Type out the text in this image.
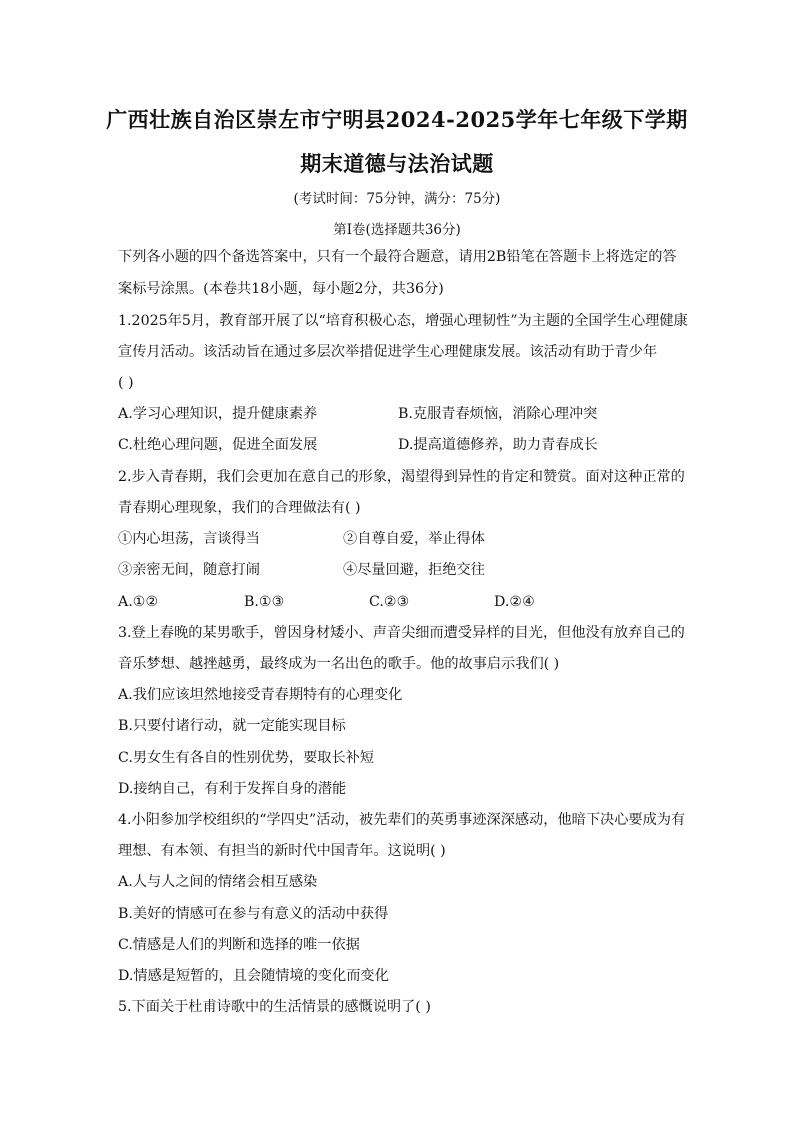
广西壮族自治区崇左市宁明县2024-2025学年七年级下学期
期末道德与法治试题
(考试时间：75分钟，满分：75分)
第Ⅰ卷(选择题共36分)
下列各小题的四个备选答案中，只有一个最符合题意，请用2B铅笔在答题卡上将选定的答
案标号涂黑。(本卷共18小题，每小题2分，共36分)
1.2025年5月，教育部开展了以“培育积极心态，增强心理韧性”为主题的全国学生心理健康
宣传月活动。该活动旨在通过多层次举措促进学生心理健康发展。该活动有助于青少年
( )
A.学习心理知识，提升健康素养	B.克服青春烦恼，消除心理冲突
C.杜绝心理问题，促进全面发展	D.提高道德修养，助力青春成长
2.步入青春期，我们会更加在意自己的形象，渴望得到异性的肯定和赞赏。面对这种正常的
青春期心理现象，我们的合理做法有( )
①内心坦荡，言谈得当	②自尊自爱，举止得体
③亲密无间，随意打闹	④尽量回避，拒绝交往
A.①②	B.①③	C.②③	D.②④
3.登上春晚的某男歌手，曾因身材矮小、声音尖细而遭受异样的目光，但他没有放弃自己的
音乐梦想、越挫越勇，最终成为一名出色的歌手。他的故事启示我们( )
A.我们应该坦然地接受青春期特有的心理变化
B.只要付诸行动，就一定能实现目标
C.男女生有各自的性别优势，要取长补短
D.接纳自己，有利于发挥自身的潜能
4.小阳参加学校组织的“学四史”活动，被先辈们的英勇事迹深深感动，他暗下决心要成为有
理想、有本领、有担当的新时代中国青年。这说明( )
A.人与人之间的情绪会相互感染
B.美好的情感可在参与有意义的活动中获得
C.情感是人们的判断和选择的唯一依据
D.情感是短暂的，且会随情境的变化而变化
5.下面关于杜甫诗歌中的生活情景的感慨说明了( )
